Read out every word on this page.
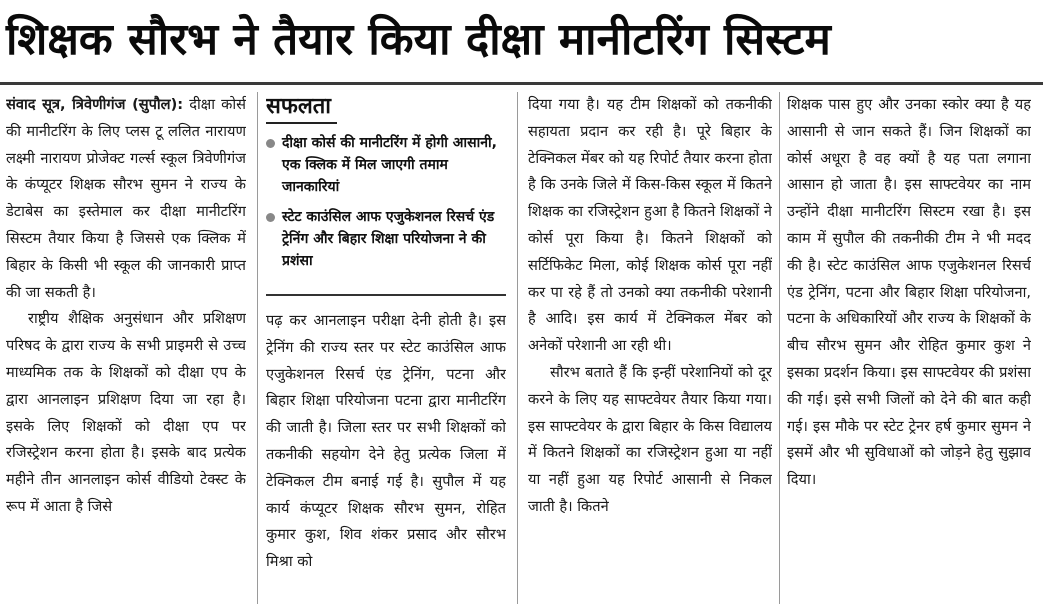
शिक्षक सौरभ ने तैयार किया दीक्षा मानीटरिंग सिस्टम

संवाद सूत्र, त्रिवेणीगंज (सुपौल): दीक्षा कोर्स की मानीटरिंग के लिए प्लस टू ललित नारायण लक्ष्मी नारायण प्रोजेक्ट गर्ल्स स्कूल त्रिवेणीगंज के कंप्यूटर शिक्षक सौरभ सुमन ने राज्य के डेटाबेस का इस्तेमाल कर दीक्षा मानीटरिंग सिस्टम तैयार किया है जिससे एक क्लिक में बिहार के किसी भी स्कूल की जानकारी प्राप्त की जा सकती है।

राष्ट्रीय शैक्षिक अनुसंधान और प्रशिक्षण परिषद के द्वारा राज्य के सभी प्राइमरी से उच्च माध्यमिक तक के शिक्षकों को दीक्षा एप के द्वारा आनलाइन प्रशिक्षण दिया जा रहा है। इसके लिए शिक्षकों को दीक्षा एप पर रजिस्ट्रेशन करना होता है। इसके बाद प्रत्येक महीने तीन आनलाइन कोर्स वीडियो टेक्स्ट के रूप में आता है जिसे

सफलता
दीक्षा कोर्स की मानीटरिंग में होगी आसानी, एक क्लिक में मिल जाएगी तमाम जानकारियां
स्टेट काउंसिल आफ एजुकेशनल रिसर्च एंड ट्रेनिंग और बिहार शिक्षा परियोजना ने की प्रशंसा

पढ़ कर आनलाइन परीक्षा देनी होती है। इस ट्रेनिंग की राज्य स्तर पर स्टेट काउंसिल आफ एजुकेशनल रिसर्च एंड ट्रेनिंग, पटना और बिहार शिक्षा परियोजना पटना द्वारा मानीटरिंग की जाती है। जिला स्तर पर सभी शिक्षकों को तकनीकी सहयोग देने हेतु प्रत्येक जिला में टेक्निकल टीम बनाई गई है। सुपौल में यह कार्य कंप्यूटर शिक्षक सौरभ सुमन, रोहित कुमार कुश, शिव शंकर प्रसाद और सौरभ मिश्रा को

दिया गया है। यह टीम शिक्षकों को तकनीकी सहायता प्रदान कर रही है। पूरे बिहार के टेक्निकल मेंबर को यह रिपोर्ट तैयार करना होता है कि उनके जिले में किस-किस स्कूल में कितने शिक्षक का रजिस्ट्रेशन हुआ है कितने शिक्षकों ने कोर्स पूरा किया है। कितने शिक्षकों को सर्टिफिकेट मिला, कोई शिक्षक कोर्स पूरा नहीं कर पा रहे हैं तो उनको क्या तकनीकी परेशानी है आदि। इस कार्य में टेक्निकल मेंबर को अनेकों परेशानी आ रही थी।

सौरभ बताते हैं कि इन्हीं परेशानियों को दूर करने के लिए यह साफ्टवेयर तैयार किया गया। इस साफ्टवेयर के द्वारा बिहार के किस विद्यालय में कितने शिक्षकों का रजिस्ट्रेशन हुआ या नहीं या नहीं हुआ यह रिपोर्ट आसानी से निकल जाती है। कितने

शिक्षक पास हुए और उनका स्कोर क्या है यह आसानी से जान सकते हैं। जिन शिक्षकों का कोर्स अधूरा है वह क्यों है यह पता लगाना आसान हो जाता है। इस साफ्टवेयर का नाम उन्होंने दीक्षा मानीटरिंग सिस्टम रखा है। इस काम में सुपौल की तकनीकी टीम ने भी मदद की है। स्टेट काउंसिल आफ एजुकेशनल रिसर्च एंड ट्रेनिंग, पटना और बिहार शिक्षा परियोजना, पटना के अधिकारियों और राज्य के शिक्षकों के बीच सौरभ सुमन और रोहित कुमार कुश ने इसका प्रदर्शन किया। इस साफ्टवेयर की प्रशंसा की गई। इसे सभी जिलों को देने की बात कही गई। इस मौके पर स्टेट ट्रेनर हर्ष कुमार सुमन ने इसमें और भी सुविधाओं को जोड़ने हेतु सुझाव दिया।
